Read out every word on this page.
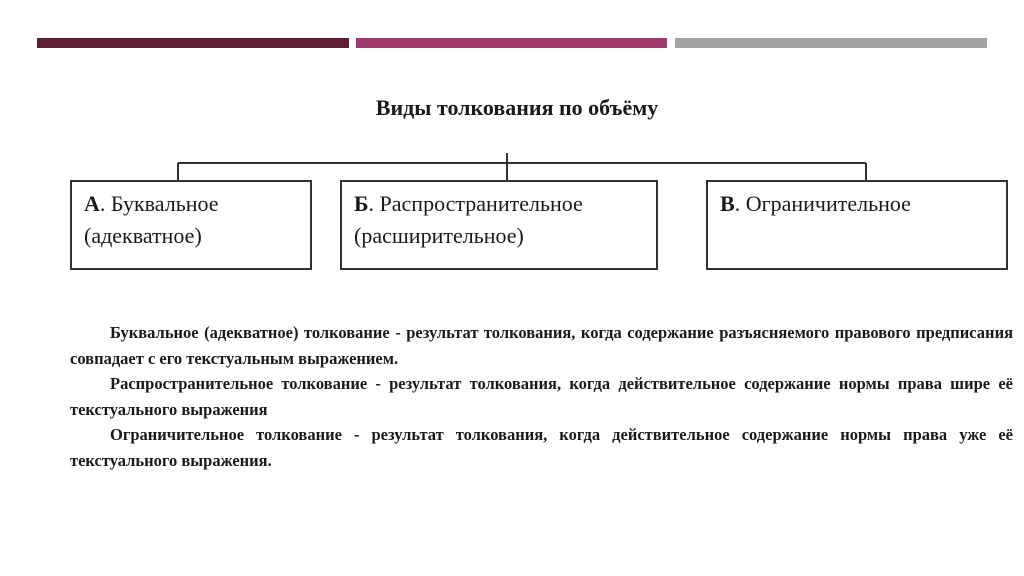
Виды толкования по объёму
А. Буквальное
(адекватное)
Б. Распространительное
(расширительное)
В. Ограничительное

Буквальное (адекватное) толкование - результат толкования, когда содержание разъясняемого правового предписания совпадает с его текстуальным выражением.

Распространительное толкование - результат толкования, когда действительное содержание нормы права шире её текстуального выражения

Ограничительное толкование - результат толкования, когда действительное содержание нормы права уже её текстуального выражения.
